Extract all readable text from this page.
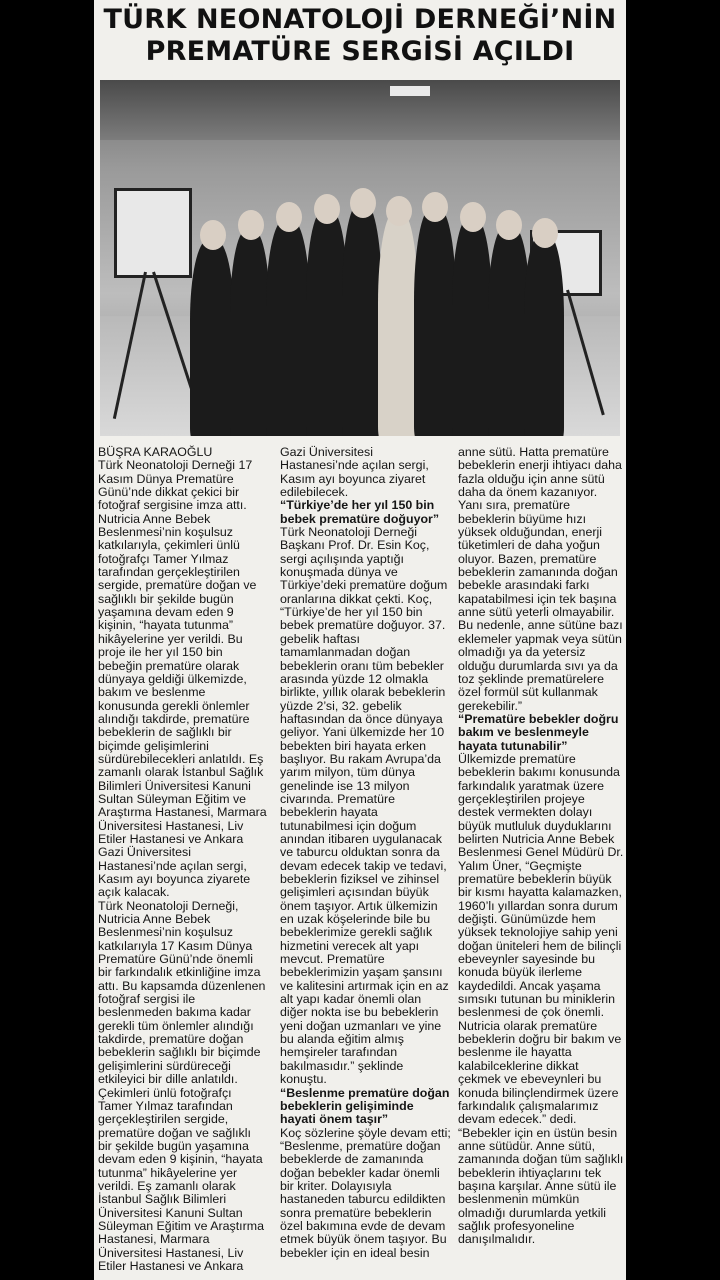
TÜRK NEONATOLOJİ DERNEĞİ’NİN
PREMATÜRE SERGİSİ AÇILDI

BÜŞRA KARAOĞLU

Türk Neonatoloji Derneği 17 Kasım Dünya Prematüre Günü’nde dikkat çekici bir fotoğraf sergisine imza attı. Nutricia Anne Bebek Beslenmesi’nin koşulsuz katkılarıyla, çekimleri ünlü fotoğrafçı Tamer Yılmaz tarafından gerçekleştirilen sergide, prematüre doğan ve sağlıklı bir şekilde bugün yaşamına devam eden 9 kişinin, “hayata tutunma” hikâyelerine yer verildi. Bu proje ile her yıl 150 bin bebeğin prematüre olarak dünyaya geldiği ülkemizde, bakım ve beslenme konusunda gerekli önlemler alındığı takdirde, prematüre bebeklerin de sağlıklı bir biçimde gelişimlerini sürdürebilecekleri anlatıldı. Eş zamanlı olarak İstanbul Sağlık Bilimleri Üniversitesi Kanuni Sultan Süleyman Eğitim ve Araştırma Hastanesi, Marmara Üniversitesi Hastanesi, Liv Etiler Hastanesi ve Ankara Gazi Üniversitesi Hastanesi’nde açılan sergi, Kasım ayı boyunca ziyarete açık kalacak.

Türk Neonatoloji Derneği, Nutricia Anne Bebek Beslenmesi’nin koşulsuz katkılarıyla 17 Kasım Dünya Prematüre Günü’nde önemli bir farkındalık etkinliğine imza attı. Bu kapsamda düzenlenen fotoğraf sergisi ile beslenmeden bakıma kadar gerekli tüm önlemler alındığı takdirde, prematüre doğan bebeklerin sağlıklı bir biçimde gelişimlerini sürdüreceği etkileyici bir dille anlatıldı. Çekimleri ünlü fotoğrafçı Tamer Yılmaz tarafından gerçekleştirilen sergide, prematüre doğan ve sağlıklı bir şekilde bugün yaşamına devam eden 9 kişinin, “hayata tutunma” hikâyelerine yer verildi. Eş zamanlı olarak İstanbul Sağlık Bilimleri Üniversitesi Kanuni Sultan Süleyman Eğitim ve Araştırma Hastanesi, Marmara Üniversitesi Hastanesi, Liv Etiler Hastanesi ve Ankara

Gazi Üniversitesi Hastanesi’nde açılan sergi, Kasım ayı boyunca ziyaret edilebilecek.

“Türkiye’de her yıl 150 bin bebek prematüre doğuyor”

Türk Neonatoloji Derneği Başkanı Prof. Dr. Esin Koç, sergi açılışında yaptığı konuşmada dünya ve Türkiye’deki prematüre doğum oranlarına dikkat çekti. Koç, “Türkiye’de her yıl 150 bin bebek prematüre doğuyor. 37. gebelik haftası tamamlanmadan doğan bebeklerin oranı tüm bebekler arasında yüzde 12 olmakla birlikte, yıllık olarak bebeklerin yüzde 2’si, 32. gebelik haftasından da önce dünyaya geliyor. Yani ülkemizde her 10 bebekten biri hayata erken başlıyor. Bu rakam Avrupa’da yarım milyon, tüm dünya genelinde ise 13 milyon civarında. Prematüre bebeklerin hayata tutunabilmesi için doğum anından itibaren uygulanacak ve taburcu olduktan sonra da devam edecek takip ve tedavi, bebeklerin fiziksel ve zihinsel gelişimleri açısından büyük önem taşıyor. Artık ülkemizin en uzak köşelerinde bile bu bebeklerimize gerekli sağlık hizmetini verecek alt yapı mevcut. Prematüre bebeklerimizin yaşam şansını ve kalitesini artırmak için en az alt yapı kadar önemli olan diğer nokta ise bu bebeklerin yeni doğan uzmanları ve yine bu alanda eğitim almış hemşireler tarafından bakılmasıdır.” şeklinde konuştu.

“Beslenme prematüre doğan bebeklerin gelişiminde hayati önem taşır”

Koç sözlerine şöyle devam etti; “Beslenme, prematüre doğan bebeklerde de zamanında doğan bebekler kadar önemli bir kriter. Dolayısıyla hastaneden taburcu edildikten sonra prematüre bebeklerin özel bakımına evde de devam etmek büyük önem taşıyor. Bu bebekler için en ideal besin

anne sütü. Hatta prematüre bebeklerin enerji ihtiyacı daha fazla olduğu için anne sütü daha da önem kazanıyor. Yanı sıra, prematüre bebeklerin büyüme hızı yüksek olduğundan, enerji tüketimleri de daha yoğun oluyor. Bazen, prematüre bebeklerin zamanında doğan bebekle arasındaki farkı kapatabilmesi için tek başına anne sütü yeterli olmayabilir. Bu nedenle, anne sütüne bazı eklemeler yapmak veya sütün olmadığı ya da yetersiz olduğu durumlarda sıvı ya da toz şeklinde prematürelere özel formül süt kullanmak gerekebilir.”

“Prematüre bebekler doğru bakım ve beslenmeyle hayata tutunabilir”

Ülkemizde prematüre bebeklerin bakımı konusunda farkındalık yaratmak üzere gerçekleştirilen projeye destek vermekten dolayı büyük mutluluk duyduklarını belirten Nutricia Anne Bebek Beslenmesi Genel Müdürü Dr. Yalım Üner, “Geçmişte prematüre bebeklerin büyük bir kısmı hayatta kalamazken, 1960’lı yıllardan sonra durum değişti. Günümüzde hem yüksek teknolojiye sahip yeni doğan üniteleri hem de bilinçli ebeveynler sayesinde bu konuda büyük ilerleme kaydedildi. Ancak yaşama sımsıkı tutunan bu miniklerin beslenmesi de çok önemli. Nutricia olarak prematüre bebeklerin doğru bir bakım ve beslenme ile hayatta kalabilceklerine dikkat çekmek ve ebeveynleri bu konuda bilinçlendirmek üzere farkındalık çalışmalarımız devam edecek.” dedi. “Bebekler için en üstün besin anne sütüdür. Anne sütü, zamanında doğan tüm sağlıklı bebeklerin ihtiyaçlarını tek başına karşılar. Anne sütü ile beslenmenin mümkün olmadığı durumlarda yetkili sağlık profesyoneline danışılmalıdır.
